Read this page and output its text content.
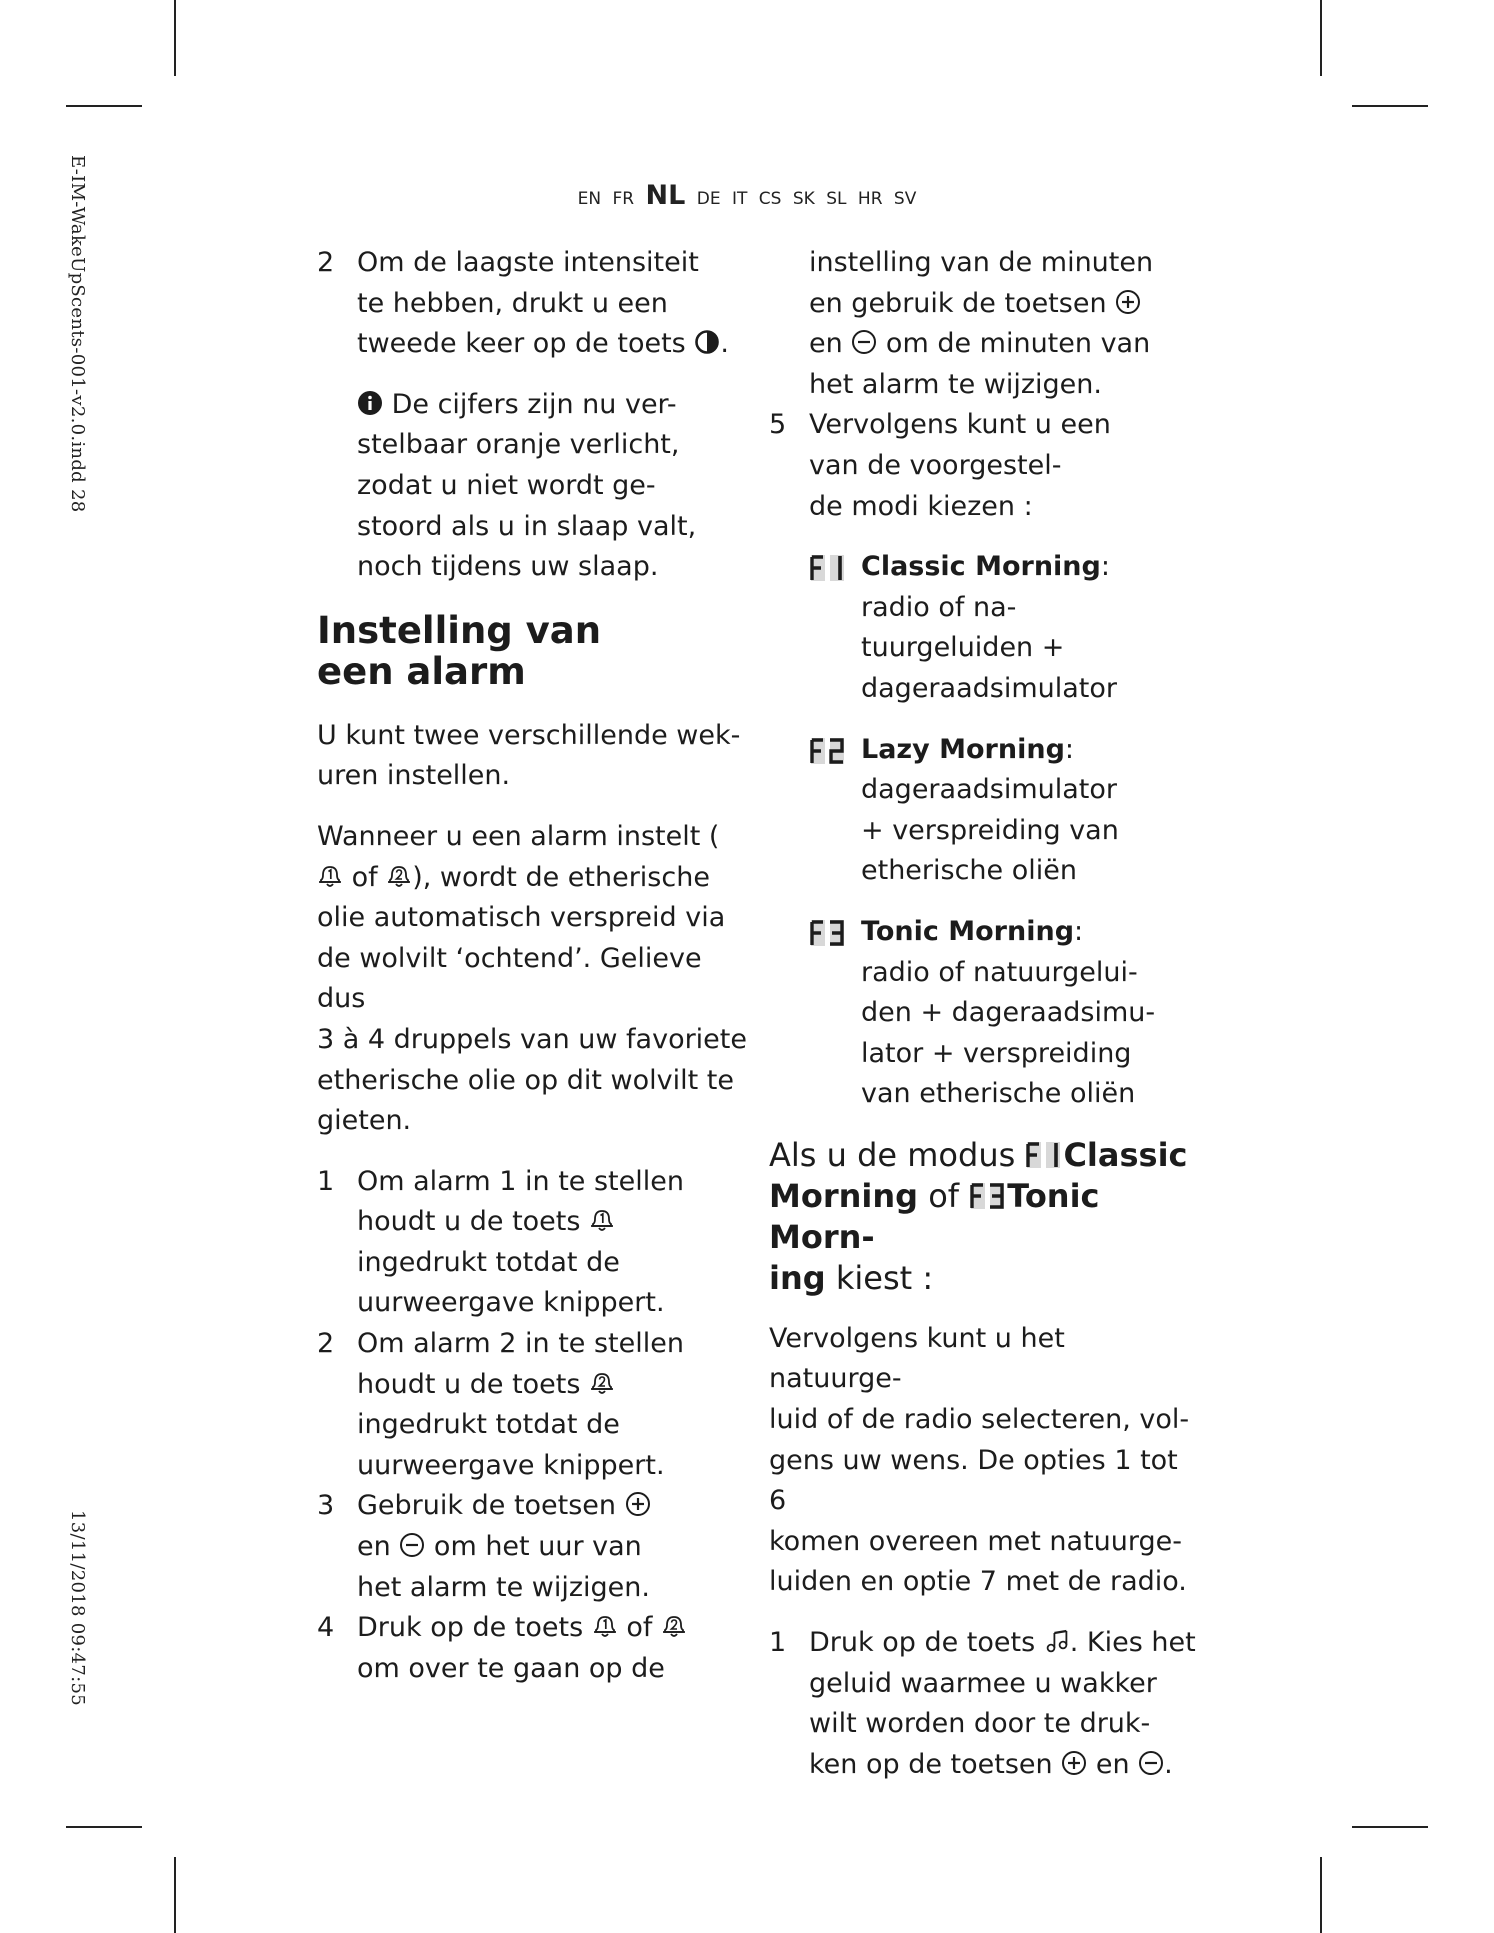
E-IM-WakeUpScents-001-v2.0.indd 28
13/11/2018 09:47:55
EN FR NL DE IT CS SK SL HR SV
2 Om de laagste intensiteit

te hebben, drukt u een

tweede keer op de toets .

De cijfers zijn nu ver-

stelbaar oranje verlicht,

zodat u niet wordt ge-

stoord als u in slaap valt,

noch tijdens uw slaap.

Instelling van
een alarm

U kunt twee verschillende wek-

uren instellen.

Wanneer u een alarm instelt (

of ), wordt de etherische

olie automatisch verspreid via

de wolvilt ‘ochtend’. Gelieve dus

3 à 4 druppels van uw favoriete

etherische olie op dit wolvilt te

gieten.

1 Om alarm 1 in te stellen

houdt u de toets

ingedrukt totdat de

uurweergave knippert.

2 Om alarm 2 in te stellen

houdt u de toets

ingedrukt totdat de

uurweergave knippert.

3 Gebruik de toetsen

en om het uur van

het alarm te wijzigen.

4 Druk op de toets of

om over te gaan op de

instelling van de minuten

en gebruik de toetsen

en om de minuten van

het alarm te wijzigen.

5 Vervolgens kunt u een

van de voorgestel-

de modi kiezen :

Classic Morning:

radio of na-

tuurgeluiden +

dageraadsimulator

Lazy Morning:

dageraadsimulator

+ verspreiding van

etherische oliën

Tonic Morning:

radio of natuurgelui-

den + dageraadsimu-

lator + verspreiding

van etherische oliën

Als u de modus Classic

Morning of Tonic Morn-

ing kiest :

Vervolgens kunt u het natuurge-

luid of de radio selecteren, vol-

gens uw wens. De opties 1 tot 6

komen overeen met natuurge-

luiden en optie 7 met de radio.

1 Druk op de toets . Kies het

geluid waarmee u wakker

wilt worden door te druk-

ken op de toetsen en .
